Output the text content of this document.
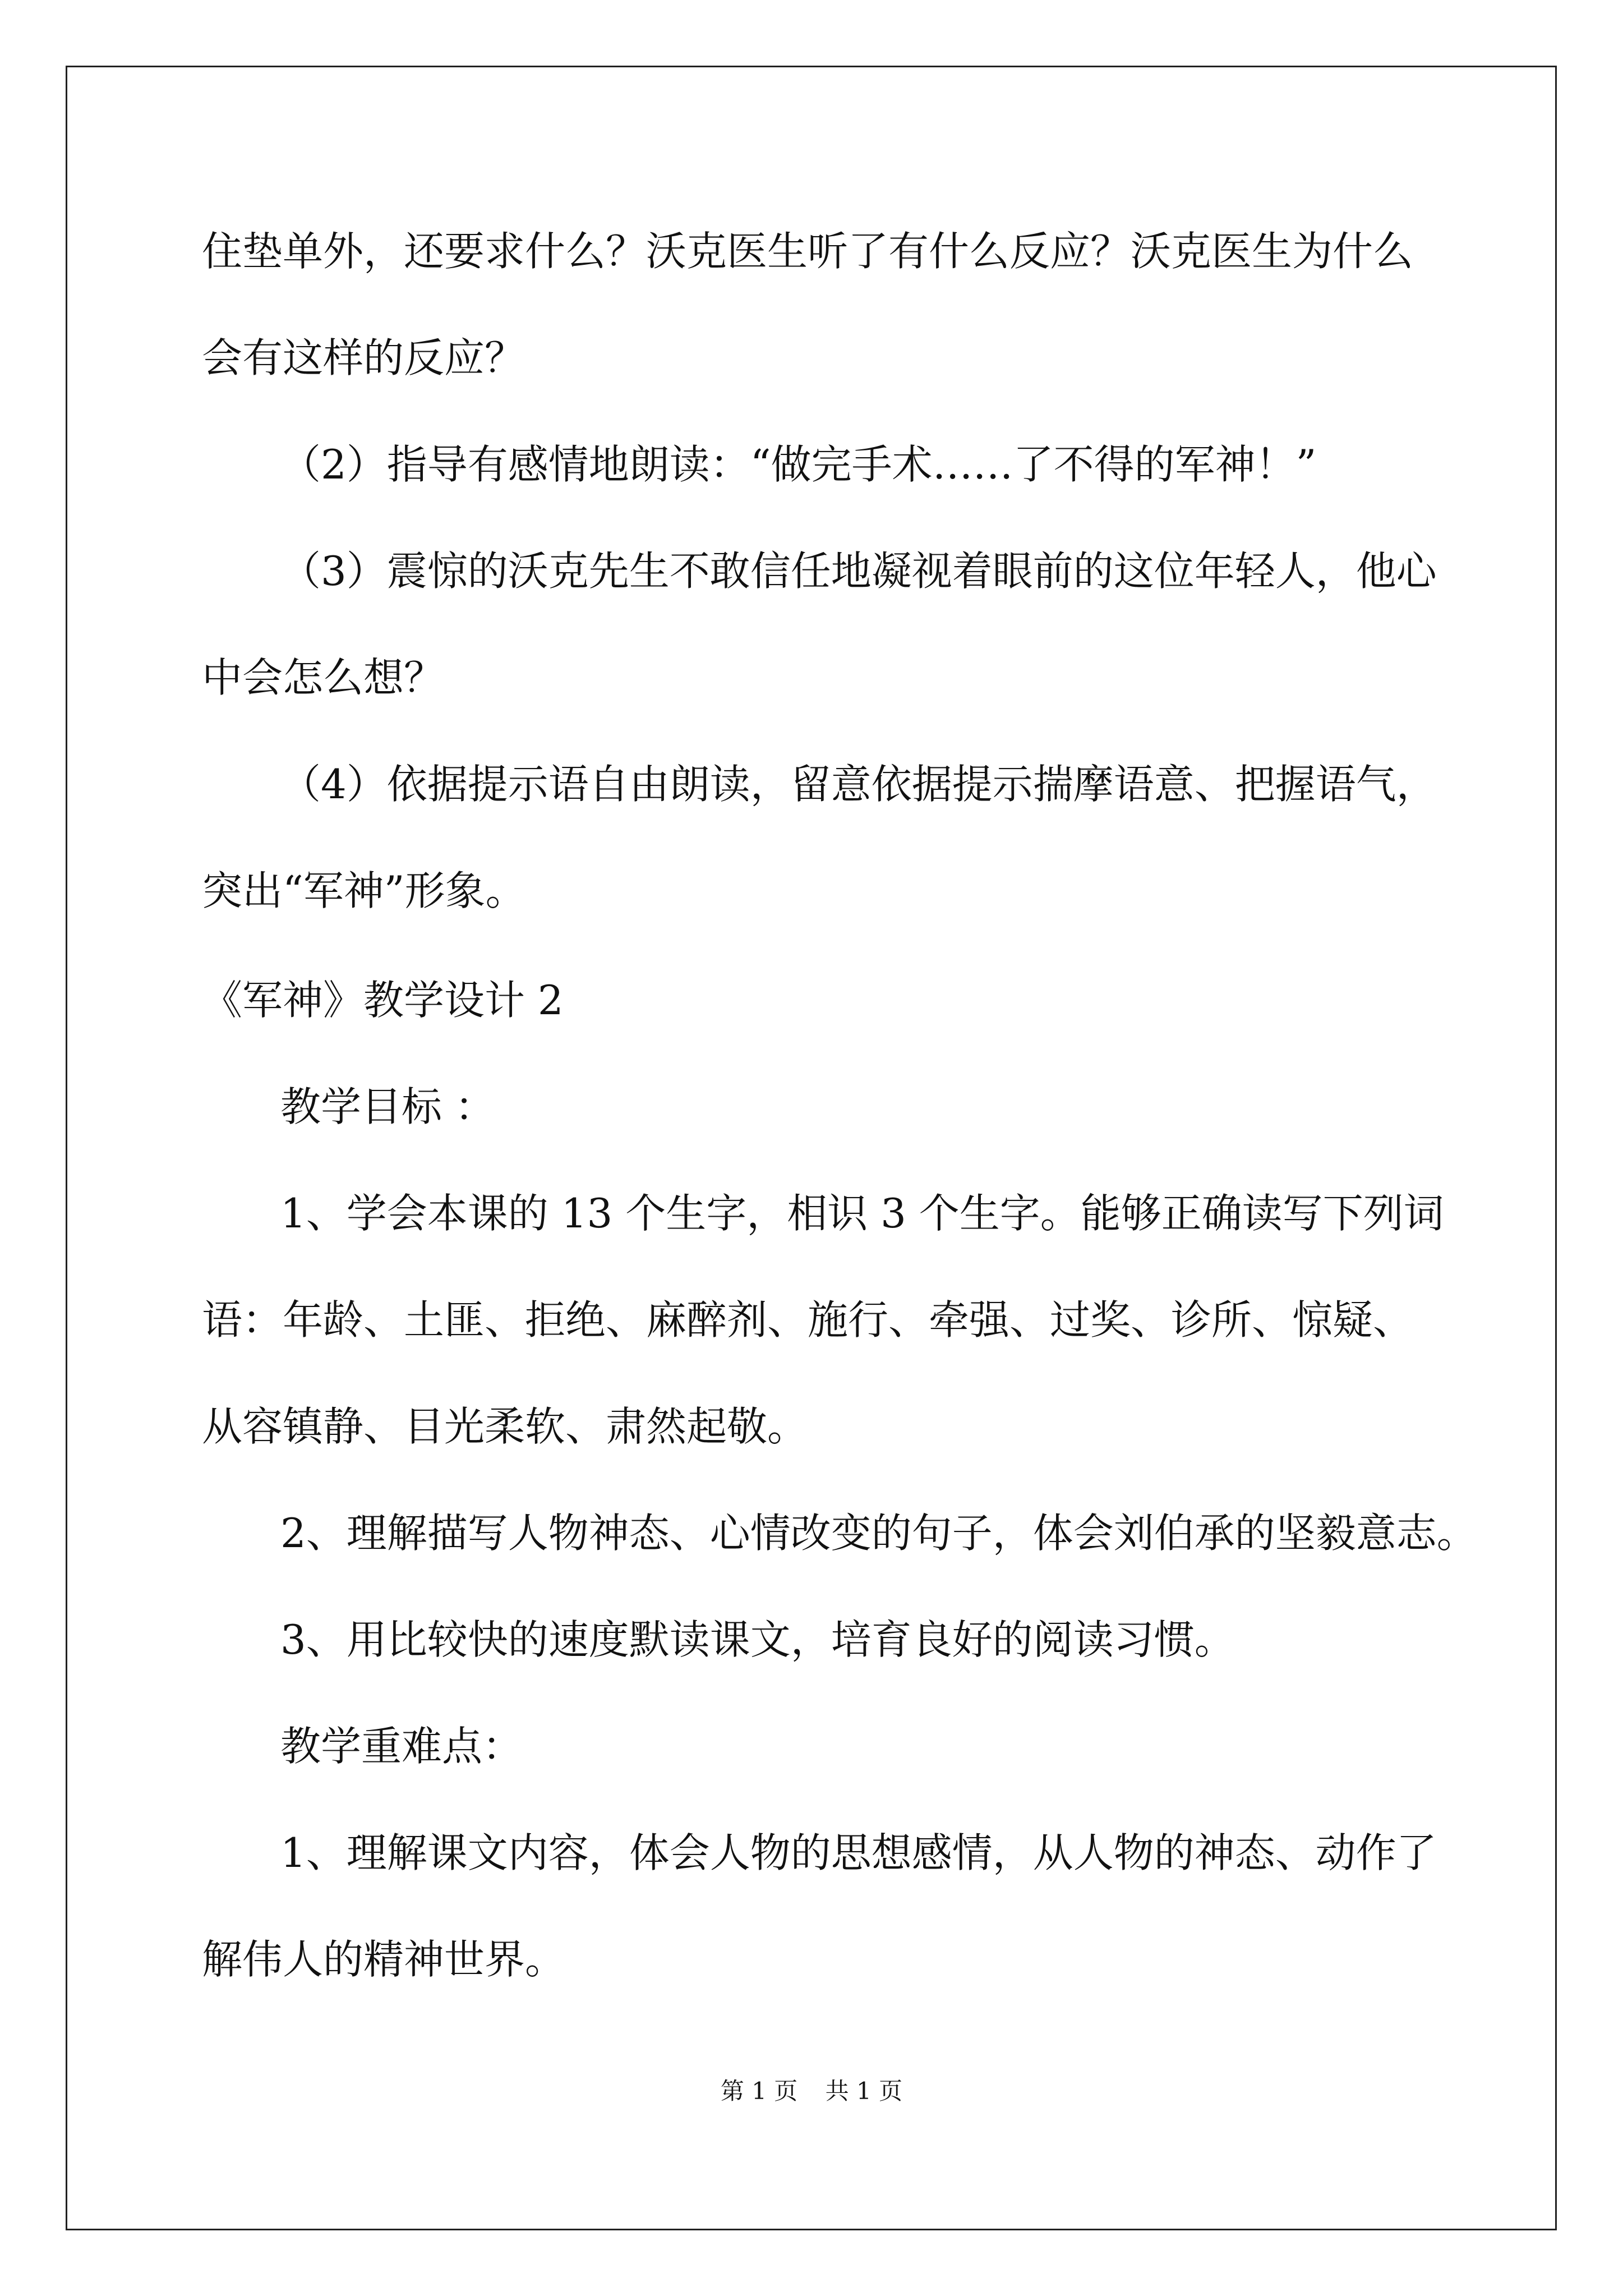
住垫单外，还要求什么？沃克医生听了有什么反应？沃克医生为什么

会有这样的反应？

（2）指导有感情地朗读：“做完手术……了不得的军神！”

（3）震惊的沃克先生不敢信任地凝视着眼前的这位年轻人，他心

中会怎么想？

（4）依据提示语自由朗读，留意依据提示揣摩语意、把握语气，

突出“军神”形象。

《军神》教学设计 2

教学目标 ：

1、学会本课的 13 个生字，相识 3 个生字。能够正确读写下列词

语：年龄、土匪、拒绝、麻醉剂、施行、牵强、过奖、诊所、惊疑、

从容镇静、目光柔软、肃然起敬。

2、理解描写人物神态、心情改变的句子，体会刘伯承的坚毅意志。

3、用比较快的速度默读课文，培育良好的阅读习惯。

教学重难点：

1、理解课文内容，体会人物的思想感情，从人物的神态、动作了

解伟人的精神世界。

第 1 页 共 1 页
